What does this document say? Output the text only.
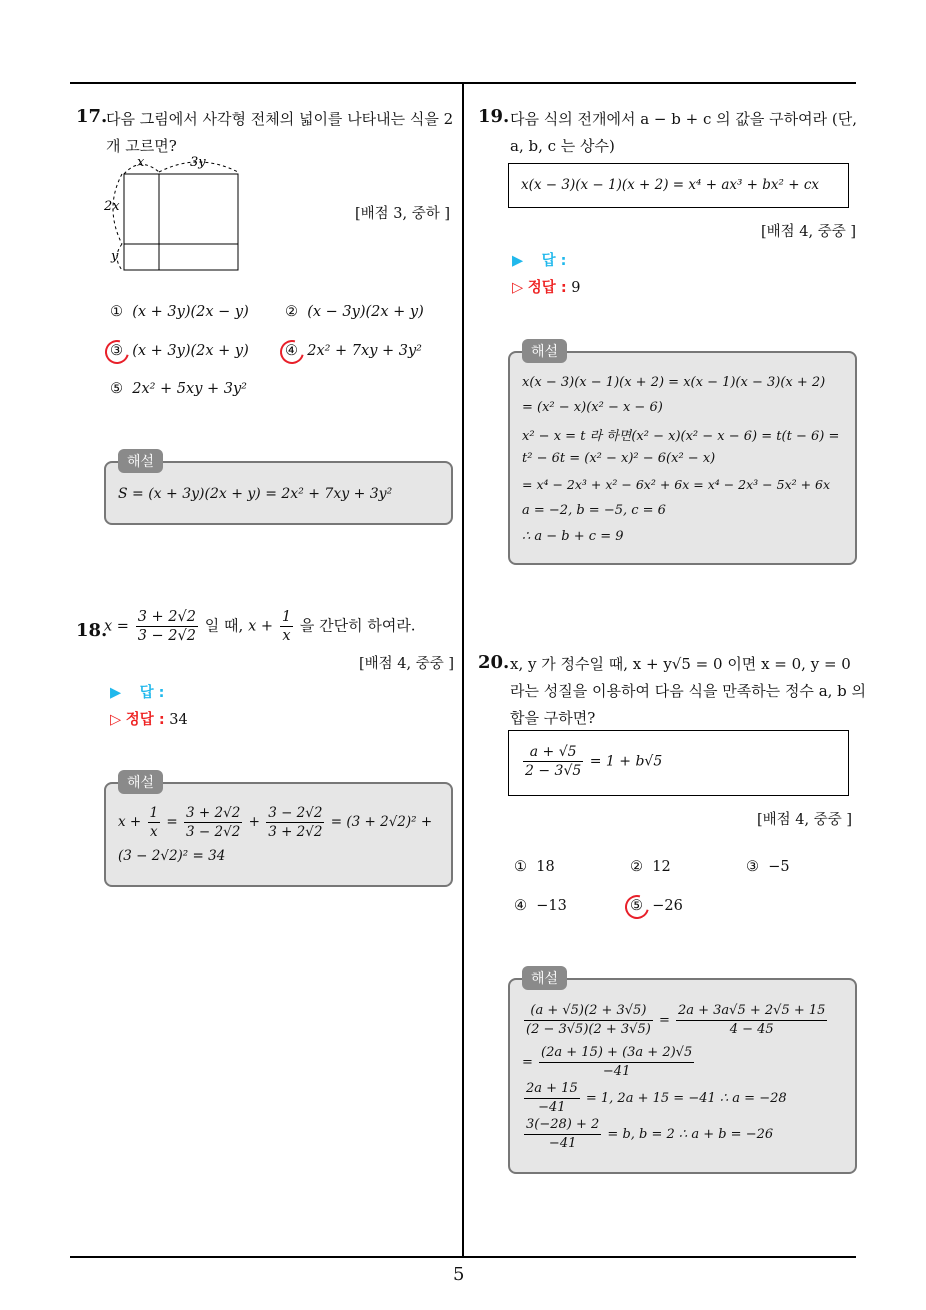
5
17.
다음 그림에서 사각형 전체의 넓이를 나타내는 식을 2
개 고르면?
x	3y
2x
y
[배점 3, 중하 ]
① (x + 3y)(2x − y) ② (x − 3y)(2x + y)
③ (x + 3y)(2x + y) ④ 2x² + 7xy + 3y²
⑤ 2x² + 5xy + 3y²
해설
S = (x + 3y)(2x + y) = 2x² + 7xy + 3y²
18.
$x = \frac{3 + 2√2}{3 - 2√2}$ 일 때, $x + \frac{1}{x}$ 을 간단히 하여라.
[배점 4, 중중 ]
▶ 답 :
▷ 정답 : 34
해설
$x + \frac{1}{x} = \frac{3 + 2√2}{3 - 2√2} + \frac{3 - 2√2}{3 + 2√2} = (3 + 2√2)^2$ +
(3 − 2√2)² = 34
19. 다음 식의 전개에서 a − b + c 의 값을 구하여라 (단,
a, b, c 는 상수)
x(x − 3)(x − 1)(x + 2) = x⁴ + ax³ + bx² + cx
[배점 4, 중중 ]
▶ 답 :
▷ 정답 : 9
해설
x(x − 3)(x − 1)(x + 2) = x(x − 1)(x − 3)(x + 2)
= (x² − x)(x² − x − 6)
x² − x = t 라 하면(x² − x)(x² − x − 6) = t(t − 6) =
t² − 6t = (x² − x)² − 6(x² − x)
= x⁴ − 2x³ + x² − 6x² + 6x = x⁴ − 2x³ − 5x² + 6x
a = −2, b = −5, c = 6
∴ a − b + c = 9
20. x, y 가 정수일 때, x + y√5 = 0 이면 x = 0, y = 0
라는 성질을 이용하여 다음 식을 만족하는 정수 a, b 의
합을 구하면?
$\frac{a + √5}{2 - 3√5} = 1 + b√5$
[배점 4, 중중 ]
① 18	② 12	③ −5
④ −13	⑤ −26
해설
$\frac{(a + √5)(2 + 3√5)}{(2 - 3√5)(2 + 3√5)} = \frac{2a + 3a√5 + 2√5 + 15}{4 - 45}$
= $\frac{(2a + 15) + (3a + 2)√5}{-41}$
$\frac{2a + 15}{-41} = 1$, 2a + 15 = −41 ∴ a = −28
$\frac{3(-28) + 2}{-41} = b$, b = 2 ∴ a + b = −26
